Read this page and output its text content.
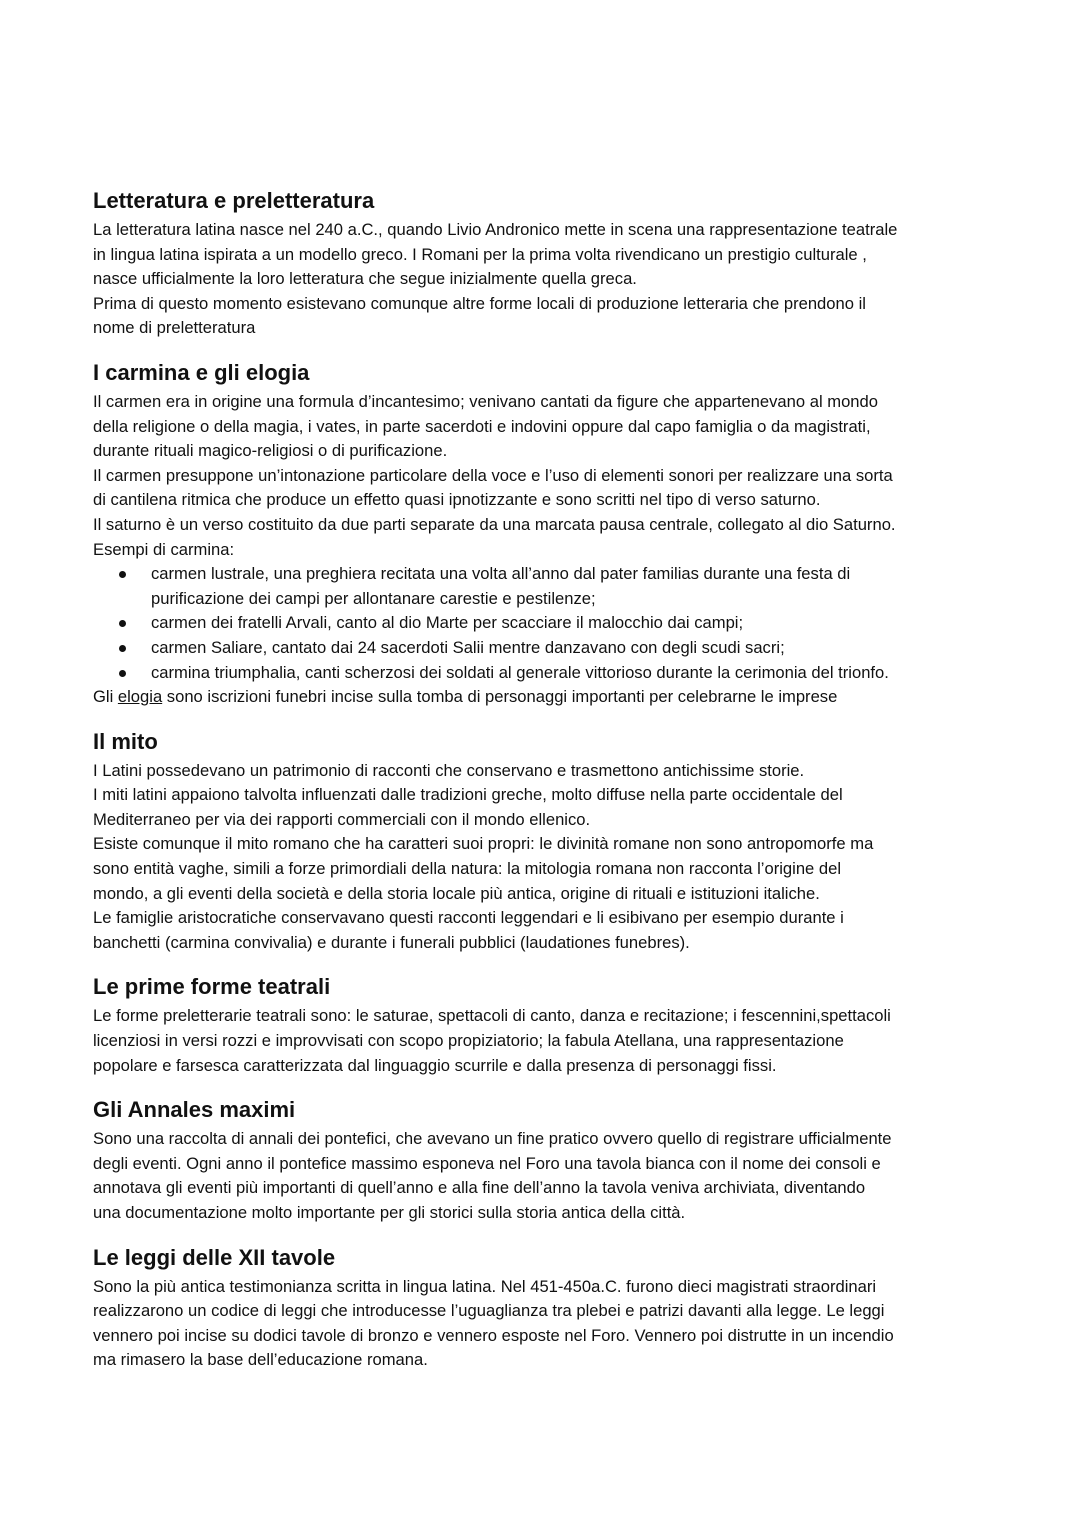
Letteratura e preletteratura

La letteratura latina nasce nel 240 a.C., quando Livio Andronico mette in scena una rappresentazione teatrale
in lingua latina ispirata a un modello greco. I Romani per la prima volta rivendicano un prestigio culturale ,
nasce ufficialmente la loro letteratura che segue inizialmente quella greca.
Prima di questo momento esistevano comunque altre forme locali di produzione letteraria che prendono il
nome di preletteratura

I carmina e gli elogia

Il carmen era in origine una formula d’incantesimo; venivano cantati da figure che appartenevano al mondo
della religione o della magia, i vates, in parte sacerdoti e indovini oppure dal capo famiglia o da magistrati,
durante rituali magico-religiosi o di purificazione.
Il carmen presuppone un’intonazione particolare della voce e l’uso di elementi sonori per realizzare una sorta
di cantilena ritmica che produce un effetto quasi ipnotizzante e sono scritti nel tipo di verso saturno.
Il saturno è un verso costituito da due parti separate da una marcata pausa centrale, collegato al dio Saturno.
Esempi di carmina:

carmen lustrale, una preghiera recitata una volta all’anno dal pater familias durante una festa di
purificazione dei campi per allontanare carestie e pestilenze;
carmen dei fratelli Arvali, canto al dio Marte per scacciare il malocchio dai campi;
carmen Saliare, cantato dai 24 sacerdoti Salii mentre danzavano con degli scudi sacri;
carmina triumphalia, canti scherzosi dei soldati al generale vittorioso durante la cerimonia del trionfo.

Gli elogia sono iscrizioni funebri incise sulla tomba di personaggi importanti per celebrarne le imprese

Il mito

I Latini possedevano un patrimonio di racconti che conservano e trasmettono antichissime storie.
I miti latini appaiono talvolta influenzati dalle tradizioni greche, molto diffuse nella parte occidentale del
Mediterraneo per via dei rapporti commerciali con il mondo ellenico.
Esiste comunque il mito romano che ha caratteri suoi propri: le divinità romane non sono antropomorfe ma
sono entità vaghe, simili a forze primordiali della natura: la mitologia romana non racconta l’origine del
mondo, a gli eventi della società e della storia locale più antica, origine di rituali e istituzioni italiche.
Le famiglie aristocratiche conservavano questi racconti leggendari e li esibivano per esempio durante i
banchetti (carmina convivalia) e durante i funerali pubblici (laudationes funebres).

Le prime forme teatrali

Le forme preletterarie teatrali sono: le saturae, spettacoli di canto, danza e recitazione; i fescennini,spettacoli
licenziosi in versi rozzi e improvvisati con scopo propiziatorio; la fabula Atellana, una rappresentazione
popolare e farsesca caratterizzata dal linguaggio scurrile e dalla presenza di personaggi fissi.

Gli Annales maximi

Sono una raccolta di annali dei pontefici, che avevano un fine pratico ovvero quello di registrare ufficialmente
degli eventi. Ogni anno il pontefice massimo esponeva nel Foro una tavola bianca con il nome dei consoli e
annotava gli eventi più importanti di quell’anno e alla fine dell’anno la tavola veniva archiviata, diventando
una documentazione molto importante per gli storici sulla storia antica della città.

Le leggi delle XII tavole

Sono la più antica testimonianza scritta in lingua latina. Nel 451-450a.C. furono dieci magistrati straordinari
realizzarono un codice di leggi che introducesse l’uguaglianza tra plebei e patrizi davanti alla legge. Le leggi
vennero poi incise su dodici tavole di bronzo e vennero esposte nel Foro. Vennero poi distrutte in un incendio
ma rimasero la base dell’educazione romana.
